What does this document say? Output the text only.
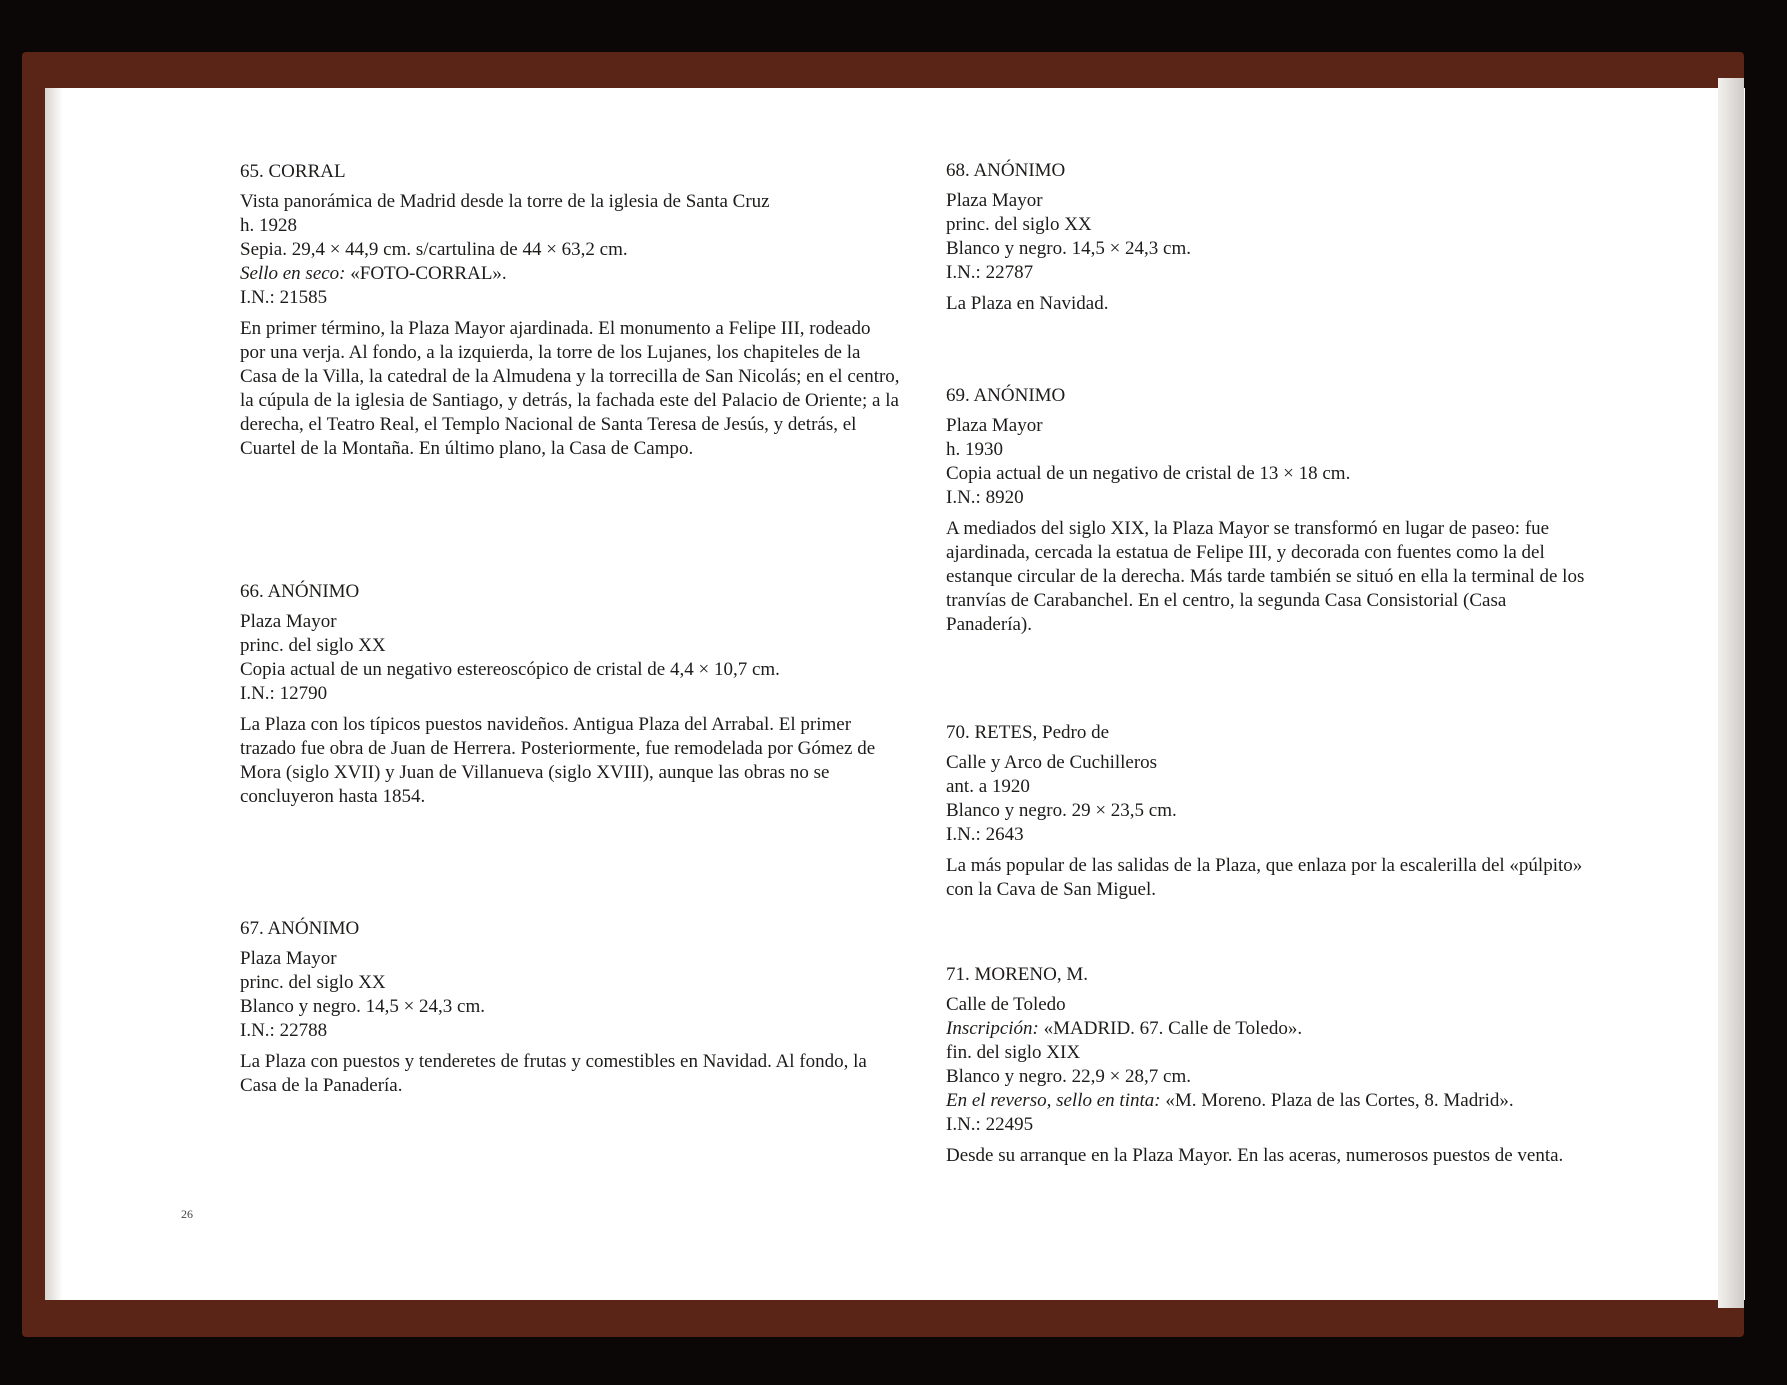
65. CORRAL

Vista panorámica de Madrid desde la torre de la iglesia de Santa Cruz

h. 1928

Sepia. 29,4 × 44,9 cm. s/cartulina de 44 × 63,2 cm.

Sello en seco: «FOTO-CORRAL».

I.N.: 21585

En primer término, la Plaza Mayor ajardinada. El monumento a Felipe III, rodeado por una verja. Al fondo, a la izquierda, la torre de los Lujanes, los chapiteles de la Casa de la Villa, la catedral de la Almudena y la torrecilla de San Nicolás; en el centro, la cúpula de la iglesia de Santiago, y detrás, la fachada este del Palacio de Oriente; a la derecha, el Teatro Real, el Templo Nacional de Santa Teresa de Jesús, y detrás, el Cuartel de la Montaña. En último plano, la Casa de Campo.

66. ANÓNIMO

Plaza Mayor

princ. del siglo XX

Copia actual de un negativo estereoscópico de cristal de 4,4 × 10,7 cm.

I.N.: 12790

La Plaza con los típicos puestos navideños. Antigua Plaza del Arrabal. El primer trazado fue obra de Juan de Herrera. Posteriormente, fue remodelada por Gómez de Mora (siglo XVII) y Juan de Villanueva (siglo XVIII), aunque las obras no se concluyeron hasta 1854.

67. ANÓNIMO

Plaza Mayor

princ. del siglo XX

Blanco y negro. 14,5 × 24,3 cm.

I.N.: 22788

La Plaza con puestos y tenderetes de frutas y comestibles en Navidad. Al fondo, la Casa de la Panadería.

68. ANÓNIMO

Plaza Mayor

princ. del siglo XX

Blanco y negro. 14,5 × 24,3 cm.

I.N.: 22787

La Plaza en Navidad.

69. ANÓNIMO

Plaza Mayor

h. 1930

Copia actual de un negativo de cristal de 13 × 18 cm.

I.N.: 8920

A mediados del siglo XIX, la Plaza Mayor se transformó en lugar de paseo: fue ajardinada, cercada la estatua de Felipe III, y decorada con fuentes como la del estanque circular de la derecha. Más tarde también se situó en ella la terminal de los tranvías de Carabanchel. En el centro, la segunda Casa Consistorial (Casa Panadería).

70. RETES, Pedro de

Calle y Arco de Cuchilleros

ant. a 1920

Blanco y negro. 29 × 23,5 cm.

I.N.: 2643

La más popular de las salidas de la Plaza, que enlaza por la escalerilla del «púlpito» con la Cava de San Miguel.

71. MORENO, M.

Calle de Toledo

Inscripción: «MADRID. 67. Calle de Toledo».

fin. del siglo XIX

Blanco y negro. 22,9 × 28,7 cm.

En el reverso, sello en tinta: «M. Moreno. Plaza de las Cortes, 8. Madrid».

I.N.: 22495

Desde su arranque en la Plaza Mayor. En las aceras, numerosos puestos de venta.

26
